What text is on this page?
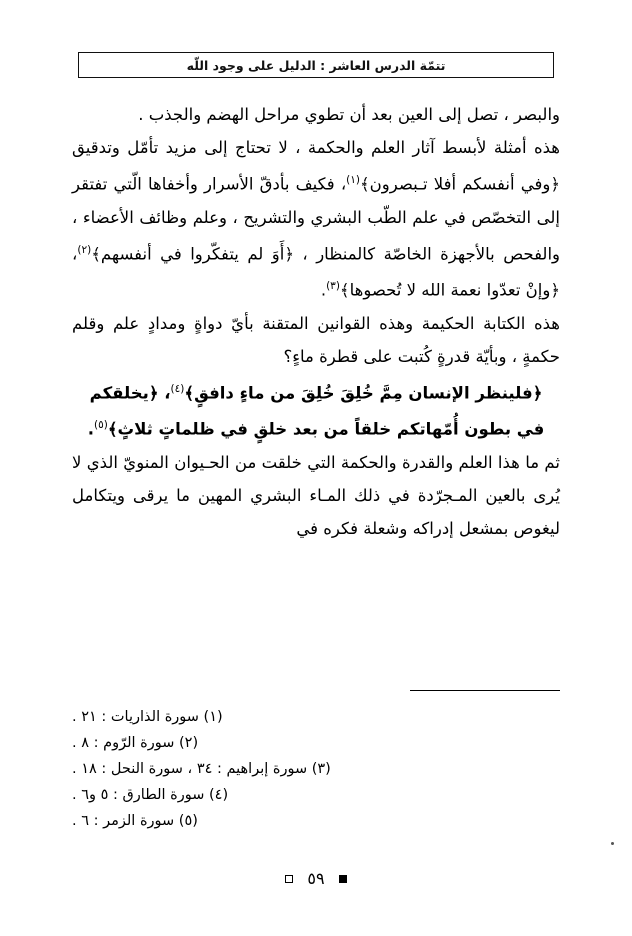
تتمّة الدرس العاشر : الدليل على وجود اللّه

والبصر ، تصل إلى العين بعد أن تطوي مراحل الهضم والجذب .

هذه أمثلة لأبسط آثار العلم والحكمة ، لا تحتاج إلى مزيد تأمّل وتدقيق ﴿وفي أنفسكم أفلا تـبصرون﴾$^{(١)}$، فكيف بأدقّ الأسرار وأخفاها الّتي تفتقر إلى التخصّص في علم الطّب البشري والتشريح ، وعلم وظائف الأعضاء ، والفحص بالأجهزة الخاصّة كالمنظار ، ﴿أَوَ لم يتفكّروا في أنفسهم﴾$^{(٢)}$، ﴿وإنْ تعدّوا نعمة الله لا تُحصوها﴾$^{(٣)}$.

هذه الكتابة الحكيمة وهذه القوانين المتقنة بأيّ دواةٍ ومدادٍ علم وقلم حكمةٍ ، وبأيّة قدرةٍ كُتبت على قطرة ماءٍ؟

﴿فلينظر الإنسان مِمَّ خُلِقَ خُلِقَ من ماءٍ دافقٍ﴾$^{(٤)}$، ﴿يخلقكم

في بطون أُمّهاتكم خلقاً من بعد خلقٍ في ظلماتٍ ثلاثٍ﴾$^{(٥)}$.

ثم ما هذا العلم والقدرة والحكمة التي خلقت من الحـيوان المنويّ الذي لا يُرى بالعين المـجرّدة في ذلك المـاء البشري المهين ما يرقى ويتكامل ليغوص بمشعل إدراكه وشعلة فكره في

(١) سورة الذاريات : ٢١ .
(٢) سورة الرّوم : ٨ .
(٣) سورة إبراهيم : ٣٤ ، سورة النحل : ١٨ .
(٤) سورة الطارق : ٥ و٦ .
(٥) سورة الزمر : ٦ .
٥٩
